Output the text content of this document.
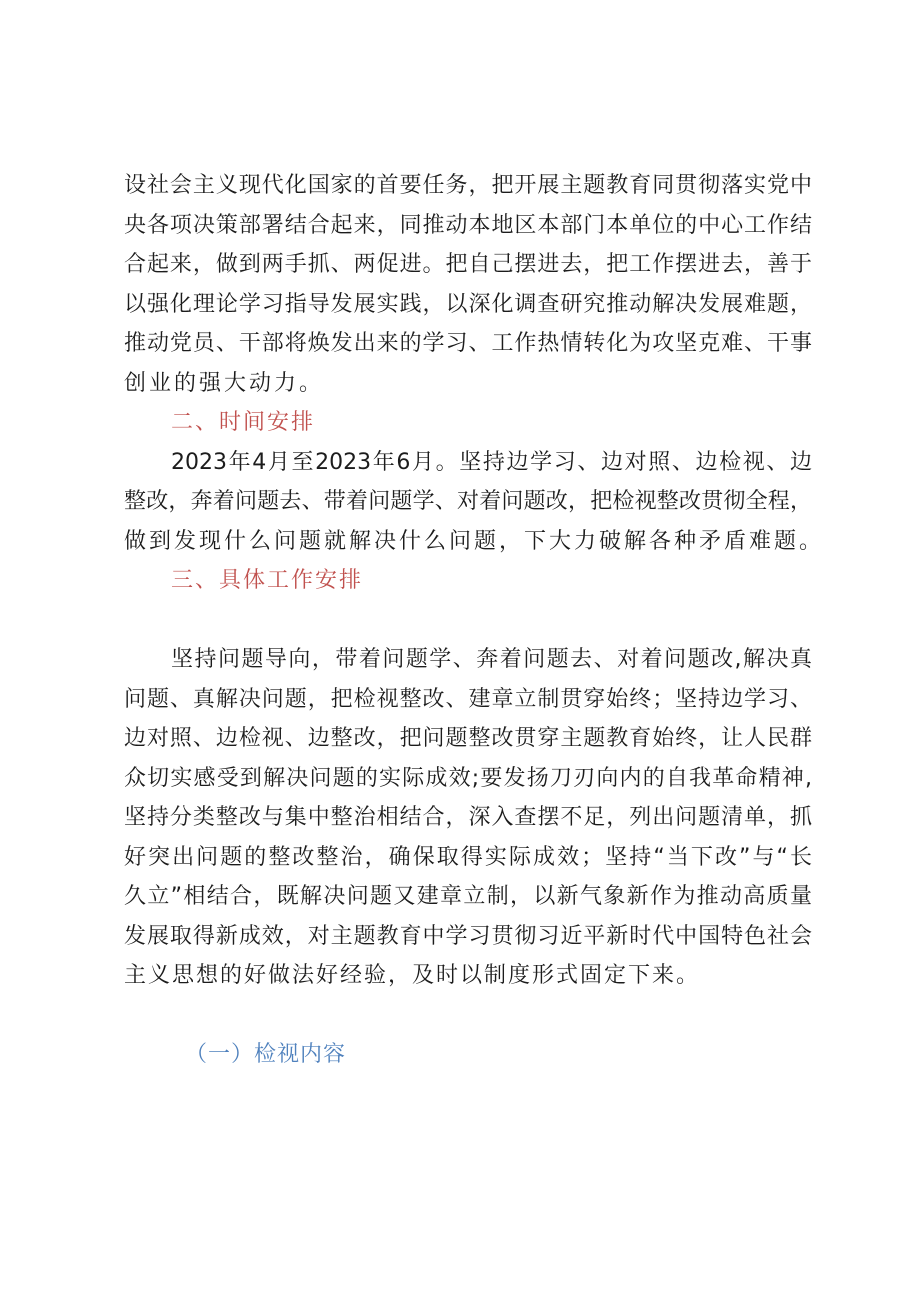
设社会主义现代化国家的首要任务，把开展主题教育同贯彻落实党中
央各项决策部署结合起来，同推动本地区本部门本单位的中心工作结
合起来，做到两手抓、两促进。把自己摆进去，把工作摆进去，善于
以强化理论学习指导发展实践，以深化调查研究推动解决发展难题，
推动党员、干部将焕发出来的学习、工作热情转化为攻坚克难、干事
创业的强大动力。
二、时间安排
2023年4月至2023年6月。坚持边学习、边对照、边检视、边
整改，奔着问题去、带着问题学、对着问题改，把检视整改贯彻全程，
做到发现什么问题就解决什么问题，下大力破解各种矛盾难题。
三、具体工作安排
坚持问题导向，带着问题学、奔着问题去、对着问题改,解决真
问题、真解决问题，把检视整改、建章立制贯穿始终；坚持边学习、
边对照、边检视、边整改，把问题整改贯穿主题教育始终，让人民群
众切实感受到解决问题的实际成效;要发扬刀刃向内的自我革命精神,
坚持分类整改与集中整治相结合，深入查摆不足，列出问题清单，抓
好突出问题的整改整治，确保取得实际成效；坚持“当下改”与“长
久立”相结合，既解决问题又建章立制，以新气象新作为推动高质量
发展取得新成效，对主题教育中学习贯彻习近平新时代中国特色社会
主义思想的好做法好经验，及时以制度形式固定下来。
（一）检视内容
